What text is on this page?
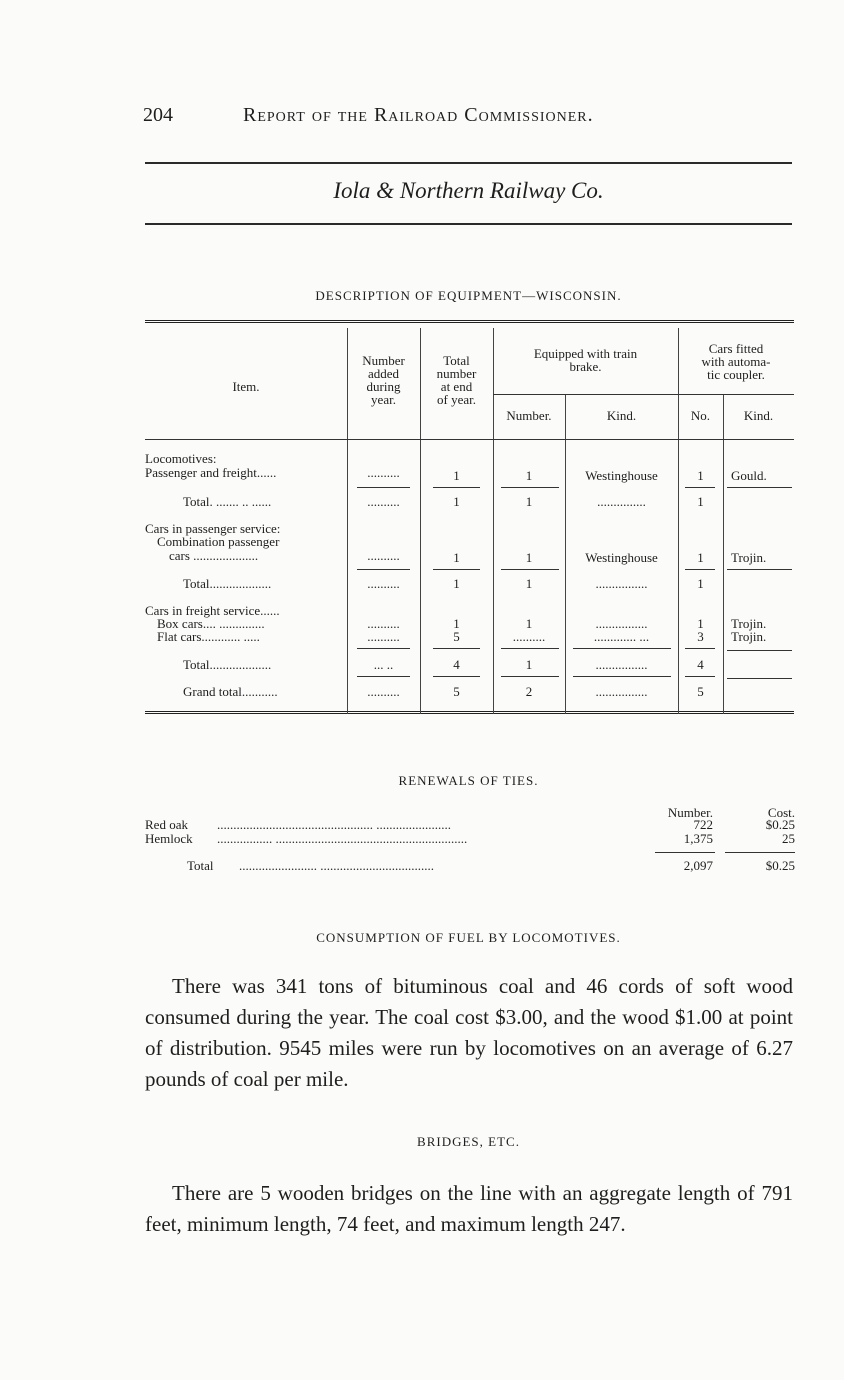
204	Report of the Railroad Commissioner.
Iola & Northern Railway Co.
DESCRIPTION OF EQUIPMENT—WISCONSIN.
Item.
Number
added
during
year.
Total
number
at end
of year.
Equipped with train
brake.
Number.	Kind.
Cars fitted
with automa-
tic coupler.
No.	Kind.
Locomotives:
Passenger and freight......	..........	1	1	Westinghouse	1	Gould.
Total. ....... .. ......	..........	1	1	...............	1
Cars in passenger service:
Combination passenger
cars ....................	..........	1	1	Westinghouse	1	Trojin.
Total...................	..........	1	1	................	1
Cars in freight service......
Box cars.... ..............	..........	1	1	................	1	Trojin.
Flat cars............ .....	..........	5	..........	............. ...	3	Trojin.
Total...................	... ..	4	1	................	4
Grand total...........	..........	5	2	................	5
RENEWALS OF TIES.
Number.	Cost.
Red oak ................................................ .......................	722	$0.25
Hemlock ................. ...........................................................	1,375	25
Total ........................ ...................................	2,097	$0.25
CONSUMPTION OF FUEL BY LOCOMOTIVES.
There was 341 tons of bituminous coal and 46 cords of soft wood consumed during the year. The coal cost $3.00, and the wood $1.00 at point of distribution. 9545 miles were run by locomotives on an average of 6.27 pounds of coal per mile.
BRIDGES, ETC.
There are 5 wooden bridges on the line with an aggregate length of 791 feet, minimum length, 74 feet, and maximum length 247.
